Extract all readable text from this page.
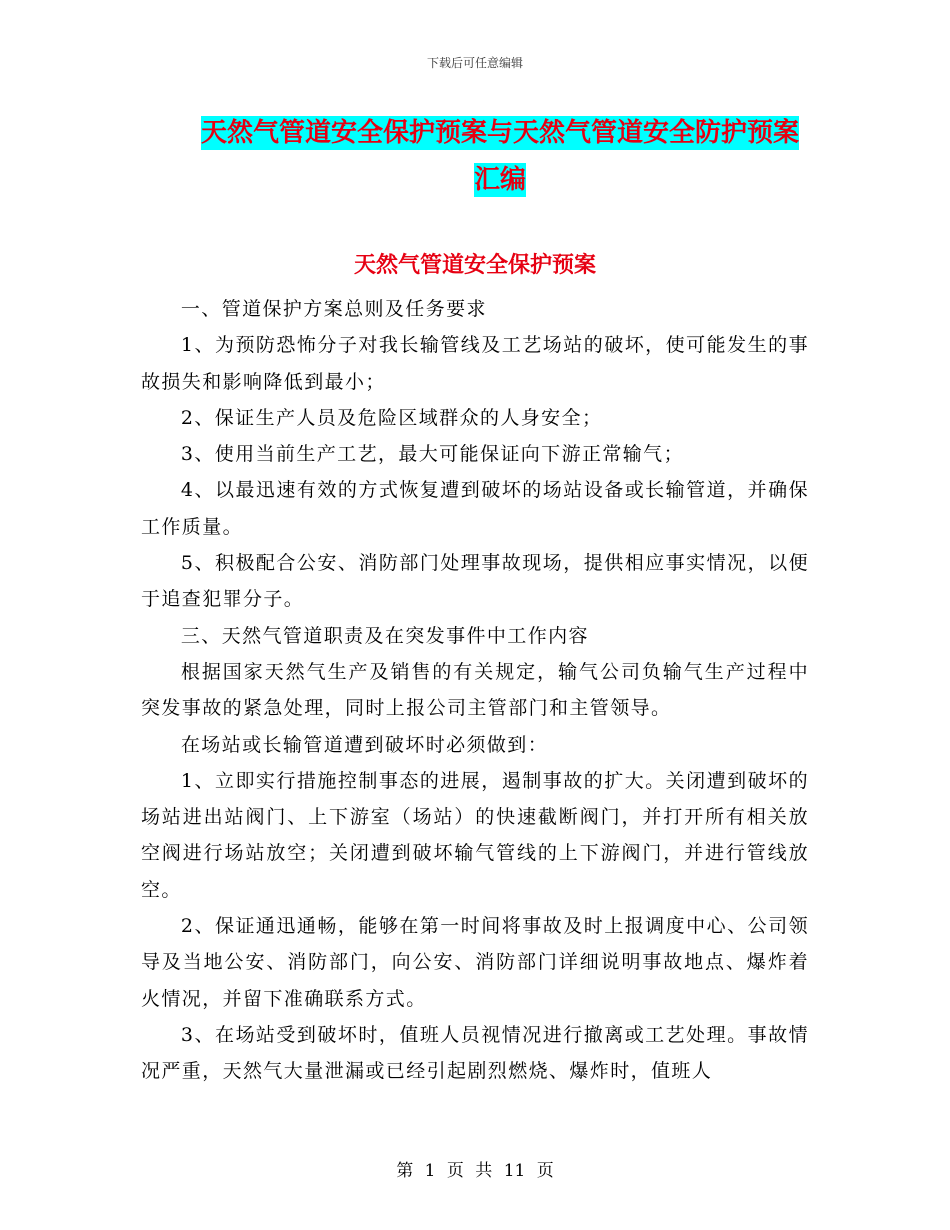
下载后可任意编辑
天然气管道安全保护预案与天然气管道安全防护预案
汇编
天然气管道安全保护预案

一、管道保护方案总则及任务要求

1、为预防恐怖分子对我长输管线及工艺场站的破坏，使可能发生的事故损失和影响降低到最小；

2、保证生产人员及危险区域群众的人身安全；

3、使用当前生产工艺，最大可能保证向下游正常输气；

4、以最迅速有效的方式恢复遭到破坏的场站设备或长输管道，并确保工作质量。

5、积极配合公安、消防部门处理事故现场，提供相应事实情况，以便于追查犯罪分子。

三、天然气管道职责及在突发事件中工作内容

根据国家天然气生产及销售的有关规定，输气公司负输气生产过程中突发事故的紧急处理，同时上报公司主管部门和主管领导。

在场站或长输管道遭到破坏时必须做到：

1、立即实行措施控制事态的进展，遏制事故的扩大。关闭遭到破坏的场站进出站阀门、上下游室（场站）的快速截断阀门，并打开所有相关放空阀进行场站放空；关闭遭到破坏输气管线的上下游阀门，并进行管线放空。

2、保证通迅通畅，能够在第一时间将事故及时上报调度中心、公司领导及当地公安、消防部门，向公安、消防部门详细说明事故地点、爆炸着火情况，并留下准确联系方式。

3、在场站受到破坏时，值班人员视情况进行撤离或工艺处理。事故情况严重，天然气大量泄漏或已经引起剧烈燃烧、爆炸时，值班人

第 1 页 共 11 页
